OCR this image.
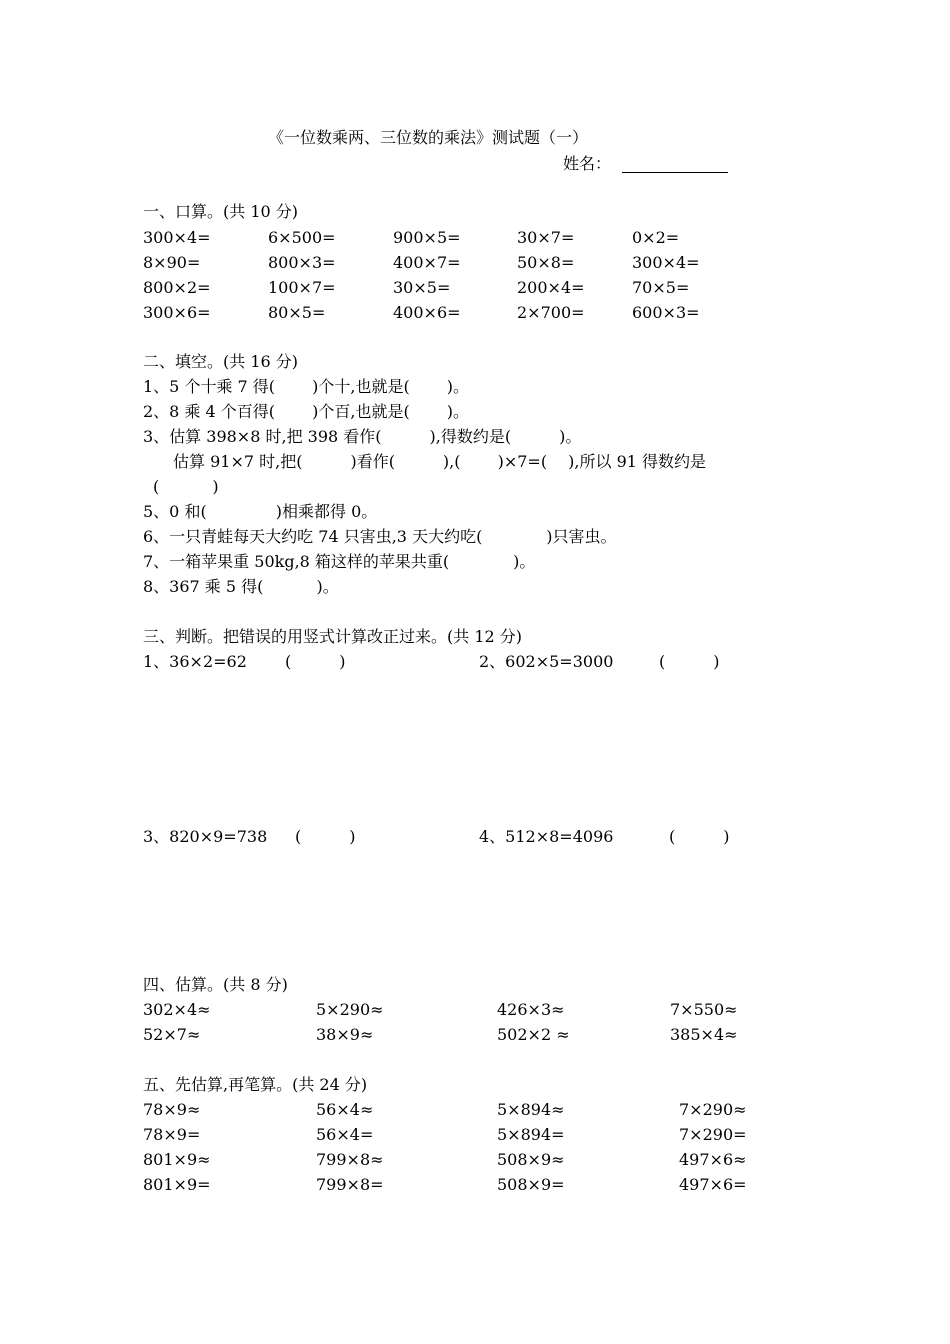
《一位数乘两、三位数的乘法》测试题（一）
姓名：
一、口算。(共 10 分)
300×4=	6×500=	900×5=	30×7=	0×2=
8×90=	800×3=	400×7=	50×8=	300×4=
800×2=	100×7=	30×5=	200×4=	70×5=
300×6=	80×5=	400×6=	2×700=	600×3=
二、填空。(共 16 分)
1、5 个十乘 7 得(　　 )个十,也就是(　　 )。
2、8 乘 4 个百得(　　 )个百,也就是(　　 )。
3、估算 398×8 时,把 398 看作(　　　),得数约是(　　　)。
估算 91×7 时,把(　　　)看作(　　　),(　　 )×7=(　 ),所以 91 得数约是
(　　　 )
5、0 和(　　　　 )相乘都得 0。
6、一只青蛙每天大约吃 74 只害虫,3 天大约吃(　　　　)只害虫。
7、一箱苹果重 50kg,8 箱这样的苹果共重(　　　　)。
8、367 乘 5 得(　　　 )。
三、判断。把错误的用竖式计算改正过来。(共 12 分)
1、36×2=62 (　　　)	2、602×5=3000	(　　　)
3、820×9=738 (　　　)	4、512×8=4096	(　　　)
四、估算。(共 8 分)
302×4≈	5×290≈	426×3≈	7×550≈
52×7≈	38×9≈	502×2 ≈	385×4≈
五、先估算,再笔算。(共 24 分)
78×9≈	56×4≈	5×894≈	7×290≈
78×9=	56×4=	5×894=	7×290=
801×9≈	799×8≈	508×9≈	497×6≈
801×9=	799×8=	508×9=	497×6=
